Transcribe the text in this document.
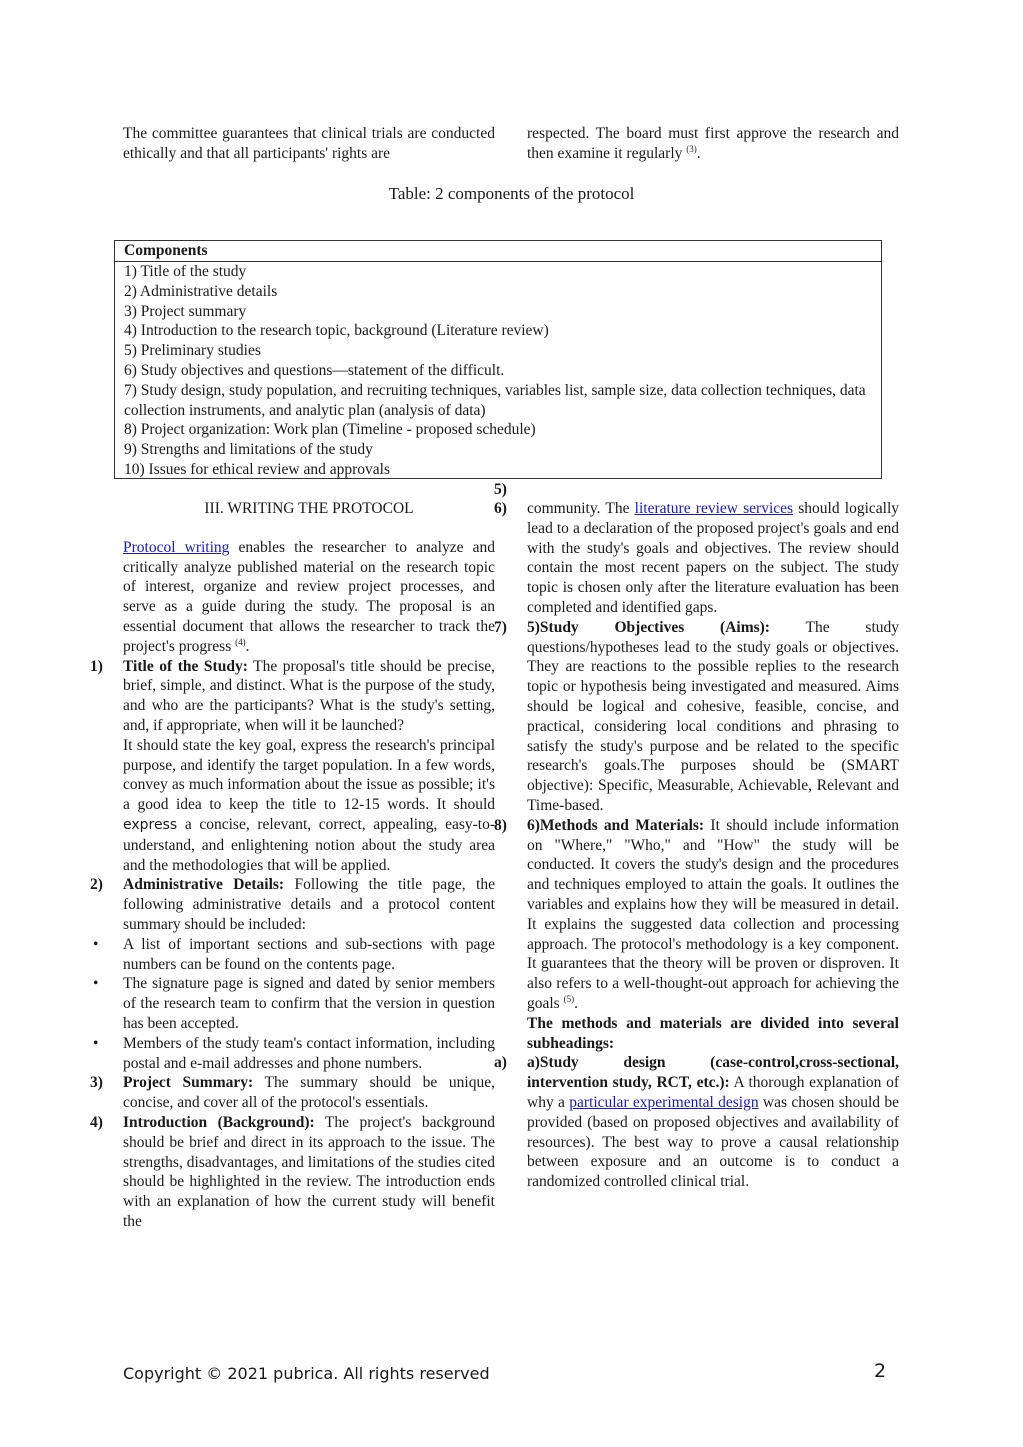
The committee guarantees that clinical trials are conducted ethically and that all participants' rights are
respected. The board must first approve the research and then examine it regularly $^{(3)}$.
Table: 2 components of the protocol
Components
1) Title of the study
2) Administrative details
3) Project summary
4) Introduction to the research topic, background (Literature review)
5) Preliminary studies
6) Study objectives and questions—statement of the difficult.
7) Study design, study population, and recruiting techniques, variables list, sample size, data collection techniques, data collection instruments, and analytic plan (analysis of data)
8) Project organization: Work plan (Timeline - proposed schedule)
9) Strengths and limitations of the study
10) Issues for ethical review and approvals
5)
III. WRITING THE PROTOCOL

Protocol writing enables the researcher to analyze and critically analyze published material on the research topic of interest, organize and review project processes, and serve as a guide during the study. The proposal is an essential document that allows the researcher to track the project's progress $^{(4)}$.

1) Title of the Study: The proposal's title should be precise, brief, simple, and distinct. What is the purpose of the study, and who are the participants? What is the study's setting, and, if appropriate, when will it be launched?
It should state the key goal, express the research's principal purpose, and identify the target population. In a few words, convey as much information about the issue as possible; it's a good idea to keep the title to 12-15 words. It should express a concise, relevant, correct, appealing, easy-to-understand, and enlightening notion about the study area and the methodologies that will be applied.
2) Administrative Details: Following the title page, the following administrative details and a protocol content summary should be included:
• A list of important sections and sub-sections with page numbers can be found on the contents page.
• The signature page is signed and dated by senior members of the research team to confirm that the version in question has been accepted.
• Members of the study team's contact information, including postal and e-mail addresses and phone numbers.
3) Project Summary: The summary should be unique, concise, and cover all of the protocol's essentials.
4) Introduction (Background): The project's background should be brief and direct in its approach to the issue. The strengths, disadvantages, and limitations of the studies cited should be highlighted in the review. The introduction ends with an explanation of how the current study will benefit the
6) community. The literature review services should logically lead to a declaration of the proposed project's goals and end with the study's goals and objectives. The review should contain the most recent papers on the subject. The study topic is chosen only after the literature evaluation has been completed and identified gaps.
7) 5)Study Objectives (Aims): The study questions/hypotheses lead to the study goals or objectives. They are reactions to the possible replies to the research topic or hypothesis being investigated and measured. Aims should be logical and cohesive, feasible, concise, and practical, considering local conditions and phrasing to satisfy the study's purpose and be related to the specific research's goals.The purposes should be (SMART objective): Specific, Measurable, Achievable, Relevant and Time-based.
8) 6)Methods and Materials: It should include information on "Where," "Who," and "How" the study will be conducted. It covers the study's design and the procedures and techniques employed to attain the goals. It outlines the variables and explains how they will be measured in detail. It explains the suggested data collection and processing approach. The protocol's methodology is a key component. It guarantees that the theory will be proven or disproven. It also refers to a well-thought-out approach for achieving the goals $^{(5)}$.

The methods and materials are divided into several subheadings:

a) a)Study design (case-control,cross-sectional, intervention study, RCT, etc.): A thorough explanation of why a particular experimental design was chosen should be provided (based on proposed objectives and availability of resources). The best way to prove a causal relationship between exposure and an outcome is to conduct a randomized controlled clinical trial.
Copyright © 2021 pubrica. All rights reserved	2
